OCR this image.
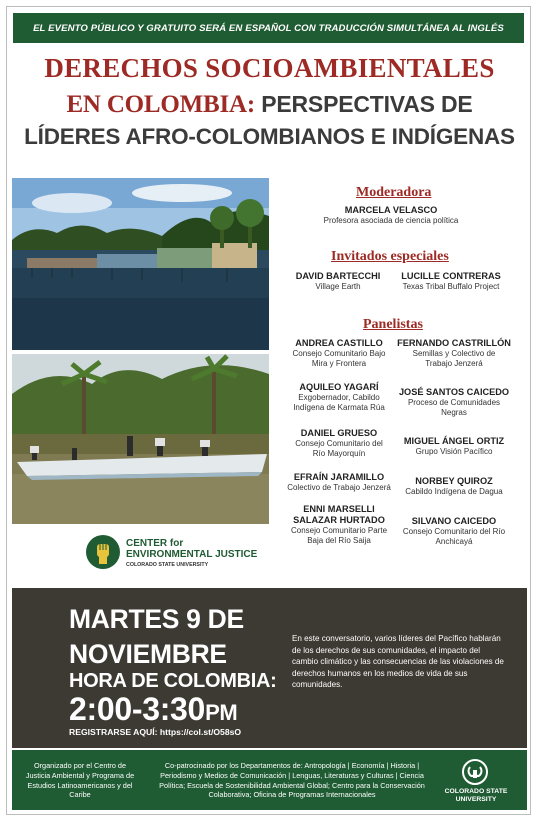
EL EVENTO PÚBLICO Y GRATUITO SERÁ EN ESPAÑOL CON TRADUCCIÓN SIMULTÁNEA AL INGLÉS
DERECHOS SOCIOAMBIENTALES
EN COLOMBIA: PERSPECTIVAS DE
LÍDERES AFRO-COLOMBIANOS E INDÍGENAS
CENTER for
ENVIRONMENTAL JUSTICE
COLORADO STATE UNIVERSITY
Moderadora
MARCELA VELASCO
Profesora asociada de ciencia política
Invitados especiales
DAVID BARTECCHI
Village Earth
LUCILLE CONTRERAS
Texas Tribal Buffalo Project
Panelistas
ANDREA CASTILLO
Consejo Comunitario Bajo
Mira y Frontera
FERNANDO CASTRILLÓN
Semillas y Colectivo de
Trabajo Jenzerá
AQUILEO YAGARÍ
Exgobernador, Cabildo
Indígena de Karmata Rúa
JOSÉ SANTOS CAICEDO
Proceso de Comunidades
Negras
DANIEL GRUESO
Consejo Comunitario del
Río Mayorquín
MIGUEL ÁNGEL ORTIZ
Grupo Visión Pacífico
EFRAÍN JARAMILLO
Colectivo de Trabajo Jenzerá
NORBEY QUIROZ
Cabildo Indígena de Dagua
ENNI MARSELLI
SALAZAR HURTADO
Consejo Comunitario Parte
Baja del Río Saija
SILVANO CAICEDO
Consejo Comunitario del Río
Anchicayá
MARTES 9 DE
NOVIEMBRE
HORA DE COLOMBIA:
2:00-3:30PM
REGISTRARSE AQUÍ: https://col.st/O58sO
En este conversatorio, varios líderes del Pacífico hablarán de los derechos de sus comunidades, el impacto del cambio climático y las consecuencias de las violaciones de derechos humanos en los medios de vida de sus comunidades.
Organizado por el Centro de Justicia Ambiental y Programa de Estudios Latinoamericanos y del Caribe
Co-patrocinado por los Departamentos de: Antropología | Economía | Historia | Periodismo y Medios de Comunicación | Lenguas, Literaturas y Culturas | Ciencia Política; Escuela de Sostenibilidad Ambiental Global; Centro para la Conservación Colaborativa; Oficina de Programas Internacionales	COLORADO STATE
UNIVERSITY
